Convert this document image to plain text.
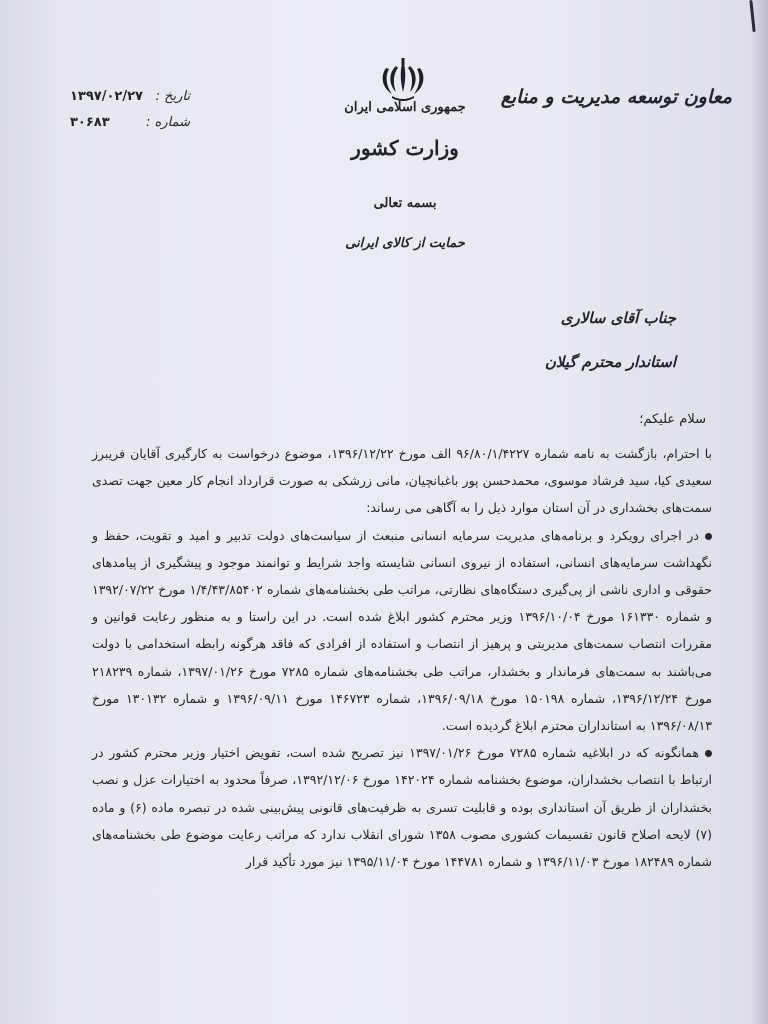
جمهوری اسلامی ایران
وزارت کشور
معاون توسعه مدیریت و منابع
تاریخ :
۱۳۹۷/۰۲/۲۷
شماره :
۳۰۶۸۳
بسمه تعالی
حمایت از کالای ایرانی
جناب آقای سالاری
استاندار محترم گیلان
سلام علیکم؛

با احترام، بازگشت به نامه شماره ۹۶/۸۰/۱/۴۲۲۷ الف مورخ ۱۳۹۶/۱۲/۲۲، موضوع درخواست به کارگیری آقایان فریبرز سعیدی کیا، سید فرشاد موسوی، محمدحسن پور باغبانچیان، مانی زرشکی به صورت قرارداد انجام کار معین جهت تصدی سمت‌های بخشداری در آن استان موارد ذیل را به آگاهی می رساند:

در اجرای رویکرد و برنامه‌های مدیریت سرمایه انسانی منبعث از سیاست‌های دولت تدبیر و امید و تقویت، حفظ و نگهداشت سرمایه‌های انسانی، استفاده از نیروی انسانی شایسته واجد شرایط و توانمند موجود و پیشگیری از پیامدهای حقوقی و اداری ناشی از پی‌گیری دستگاه‌های نظارتی، مراتب طی بخشنامه‌های شماره ۱/۴/۴۳/۸۵۴۰۲ مورخ ۱۳۹۲/۰۷/۲۲ و شماره ۱۶۱۳۳۰ مورخ ۱۳۹۶/۱۰/۰۴ وزیر محترم کشور ابلاغ شده است. در این راستا و به منظور رعایت قوانین و مقررات انتصاب سمت‌های مدیریتی و پرهیز از انتصاب و استفاده از افرادی که فاقد هرگونه رابطه استخدامی با دولت می‌باشند به سمت‌های فرماندار و بخشدار، مراتب طی بخشنامه‌های شماره ۷۲۸۵ مورخ ۱۳۹۷/۰۱/۲۶، شماره ۲۱۸۲۳۹ مورخ ۱۳۹۶/۱۲/۲۴، شماره ۱۵۰۱۹۸ مورخ ۱۳۹۶/۰۹/۱۸، شماره ۱۴۶۷۲۳ مورخ ۱۳۹۶/۰۹/۱۱ و شماره ۱۳۰۱۳۲ مورخ ۱۳۹۶/۰۸/۱۳ به استانداران محترم ابلاغ گردیده است.

همانگونه که در ابلاغیه شماره ۷۲۸۵ مورخ ۱۳۹۷/۰۱/۲۶ نیز تصریح شده است، تفویض اختیار وزیر محترم کشور در ارتباط با انتصاب بخشداران، موضوع بخشنامه شماره ۱۴۲۰۲۴ مورخ ۱۳۹۲/۱۲/۰۶، صرفاً محدود به اختیارات عزل و نصب بخشداران از طریق آن استانداری بوده و قابلیت تسری به ظرفیت‌های قانونی پیش‌بینی شده در تبصره ماده (۶) و ماده (۷) لایحه اصلاح قانون تقسیمات کشوری مصوب ۱۳۵۸ شورای انقلاب ندارد که مراتب رعایت موضوع طی بخشنامه‌های شماره ۱۸۲۴۸۹ مورخ ۱۳۹۶/۱۱/۰۳ و شماره ۱۴۴۷۸۱ مورخ ۱۳۹۵/۱۱/۰۴ نیز مورد تأکید قرار
